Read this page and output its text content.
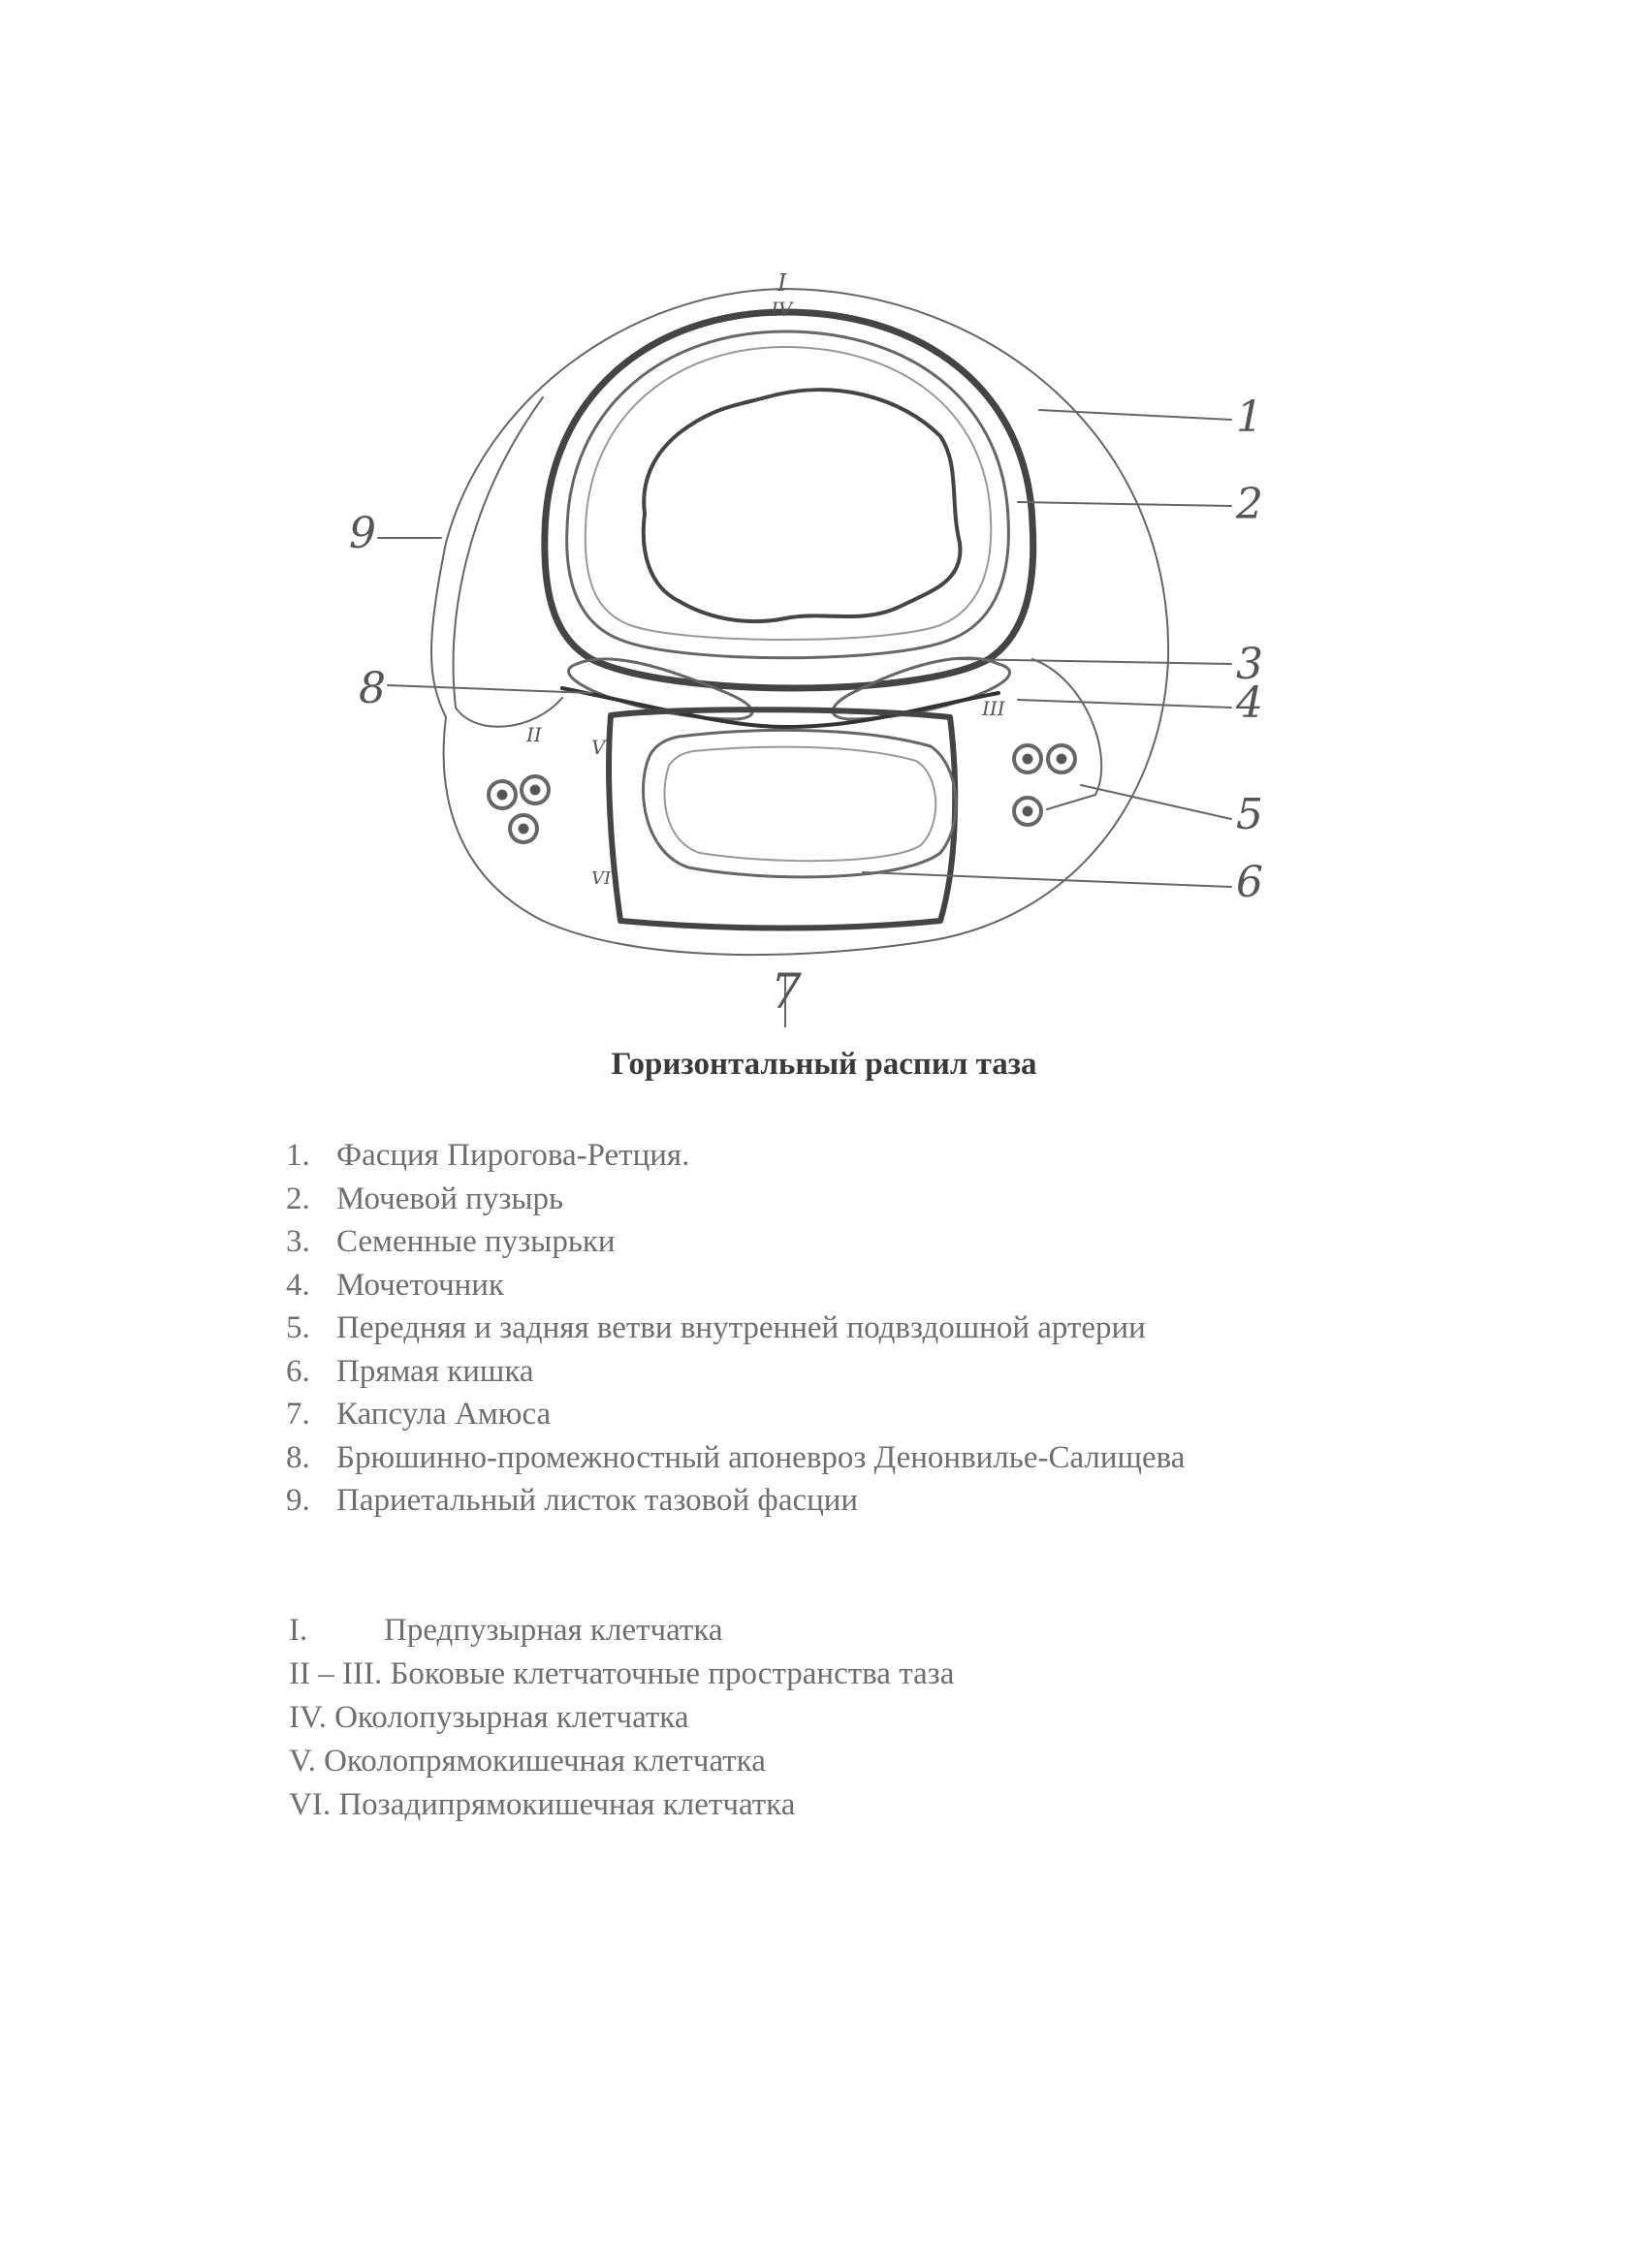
1
2
3
4
5
6
7
8
9
I
IV
II
III
V
VI
Горизонтальный распил таза
1. Фасция Пирогова-Ретция.
2. Мочевой пузырь
3. Семенные пузырьки
4. Мочеточник
5. Передняя и задняя ветви внутренней подвздошной артерии
6. Прямая кишка
7. Капсула Амюса
8. Брюшинно-промежностный апоневроз Денонвилье-Салищева
9. Париетальный листок тазовой фасции
I. Предпузырная клетчатка
II – III. Боковые клетчаточные пространства таза
IV. Околопузырная клетчатка
V. Околопрямокишечная клетчатка
VI. Позадипрямокишечная клетчатка
